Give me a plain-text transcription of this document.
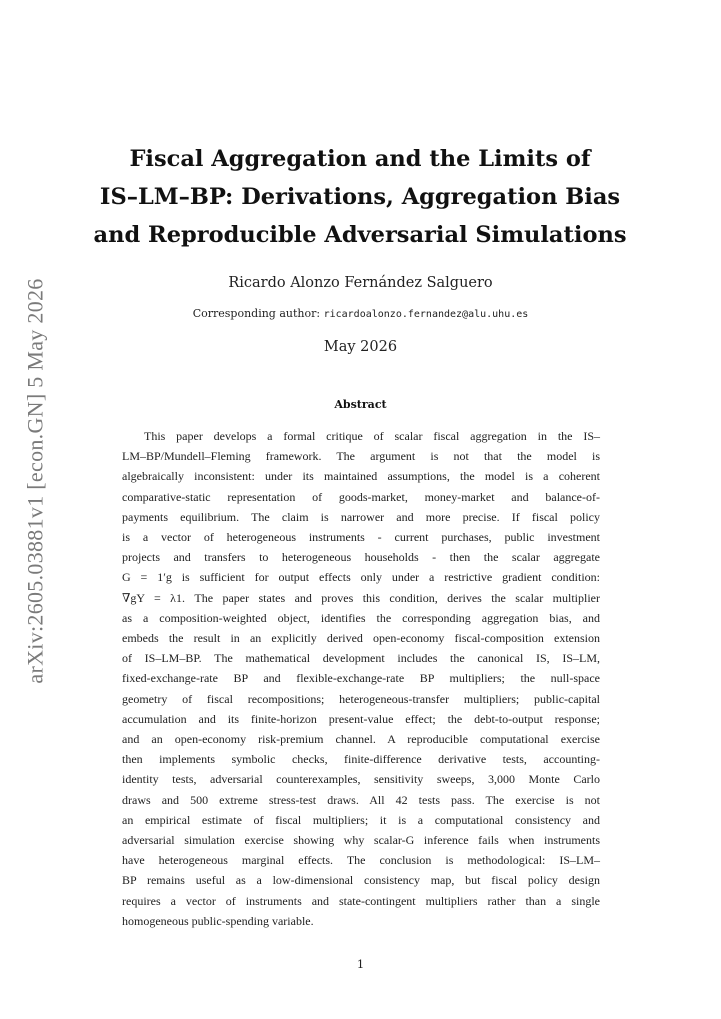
arXiv:2605.03881v1 [econ.GN] 5 May 2026
Fiscal Aggregation and the Limits of
IS–LM–BP: Derivations, Aggregation Bias
and Reproducible Adversarial Simulations
Ricardo Alonzo Fernández Salguero
Corresponding author: ricardoalonzo.fernandez@alu.uhu.es
May 2026
Abstract
This paper develops a formal critique of scalar fiscal aggregation in the IS–
LM–BP/Mundell–Fleming framework. The argument is not that the model is
algebraically inconsistent: under its maintained assumptions, the model is a coherent
comparative-static representation of goods-market, money-market and balance-of-
payments equilibrium. The claim is narrower and more precise. If fiscal policy
is a vector of heterogeneous instruments - current purchases, public investment
projects and transfers to heterogeneous households - then the scalar aggregate
G = 1′g is sufficient for output effects only under a restrictive gradient condition:
∇gY = λ1. The paper states and proves this condition, derives the scalar multiplier
as a composition-weighted object, identifies the corresponding aggregation bias, and
embeds the result in an explicitly derived open-economy fiscal-composition extension
of IS–LM–BP. The mathematical development includes the canonical IS, IS–LM,
fixed-exchange-rate BP and flexible-exchange-rate BP multipliers; the null-space
geometry of fiscal recompositions; heterogeneous-transfer multipliers; public-capital
accumulation and its finite-horizon present-value effect; the debt-to-output response;
and an open-economy risk-premium channel. A reproducible computational exercise
then implements symbolic checks, finite-difference derivative tests, accounting-
identity tests, adversarial counterexamples, sensitivity sweeps, 3,000 Monte Carlo
draws and 500 extreme stress-test draws. All 42 tests pass. The exercise is not
an empirical estimate of fiscal multipliers; it is a computational consistency and
adversarial simulation exercise showing why scalar-G inference fails when instruments
have heterogeneous marginal effects. The conclusion is methodological: IS–LM–
BP remains useful as a low-dimensional consistency map, but fiscal policy design
requires a vector of instruments and state-contingent multipliers rather than a single
homogeneous public-spending variable.
1
